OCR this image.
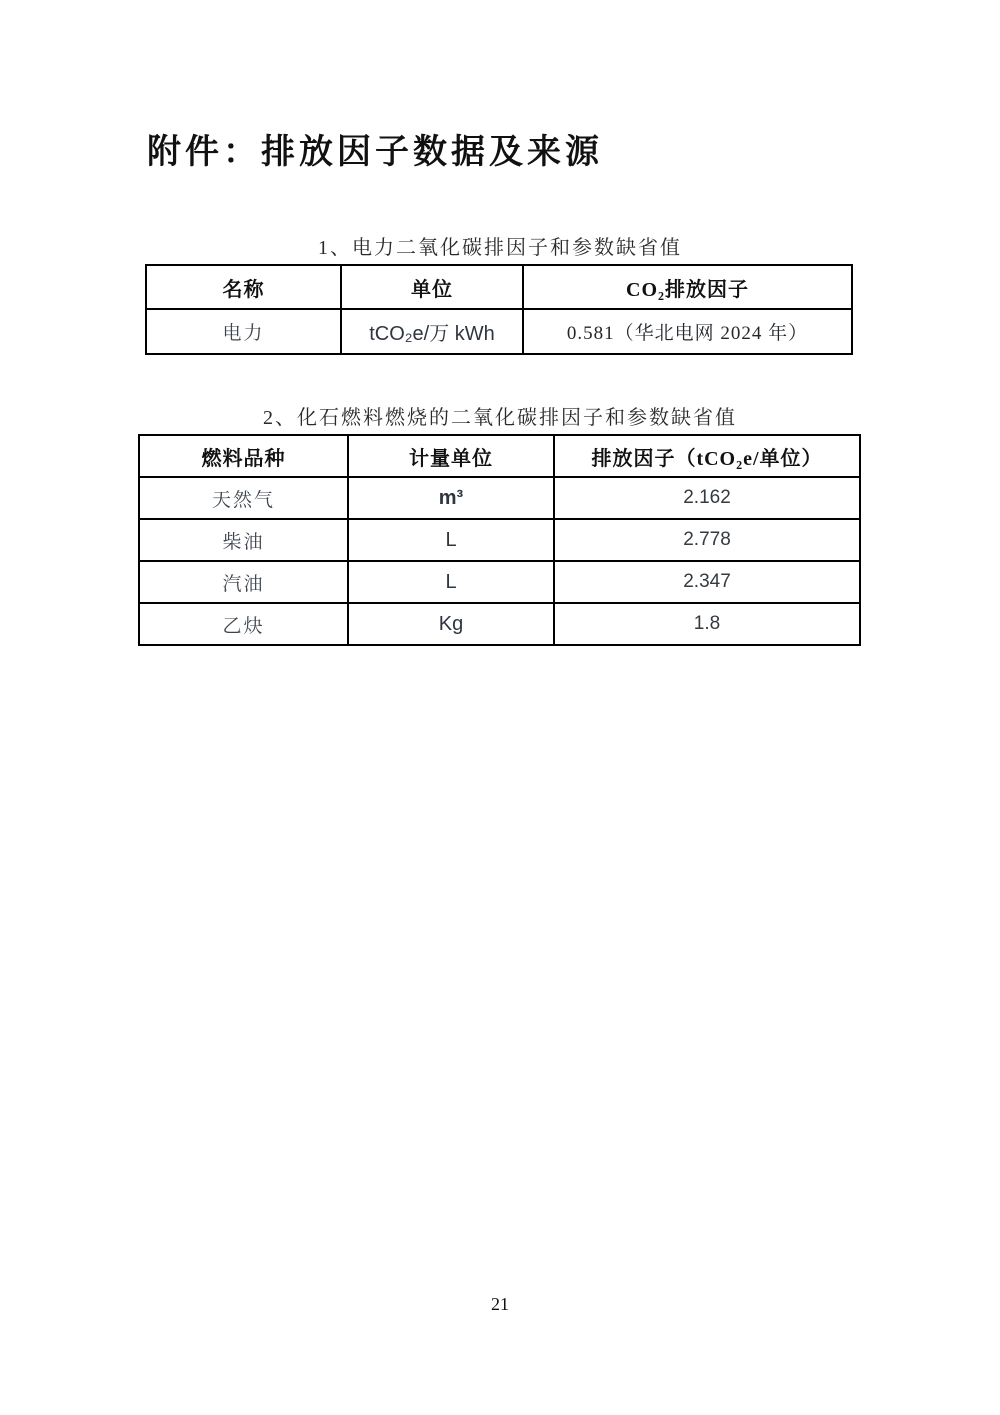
附件：排放因子数据及来源
1、电力二氧化碳排因子和参数缺省值
名称	单位	CO₂排放因子
电力	tCO₂e/万 kWh	0.581（华北电网 2024 年）
2、化石燃料燃烧的二氧化碳排因子和参数缺省值
燃料品种	计量单位	排放因子（tCO₂e/单位）
天然气	m³	2.162
柴油	L	2.778
汽油	L	2.347
乙炔	Kg	1.8
21
